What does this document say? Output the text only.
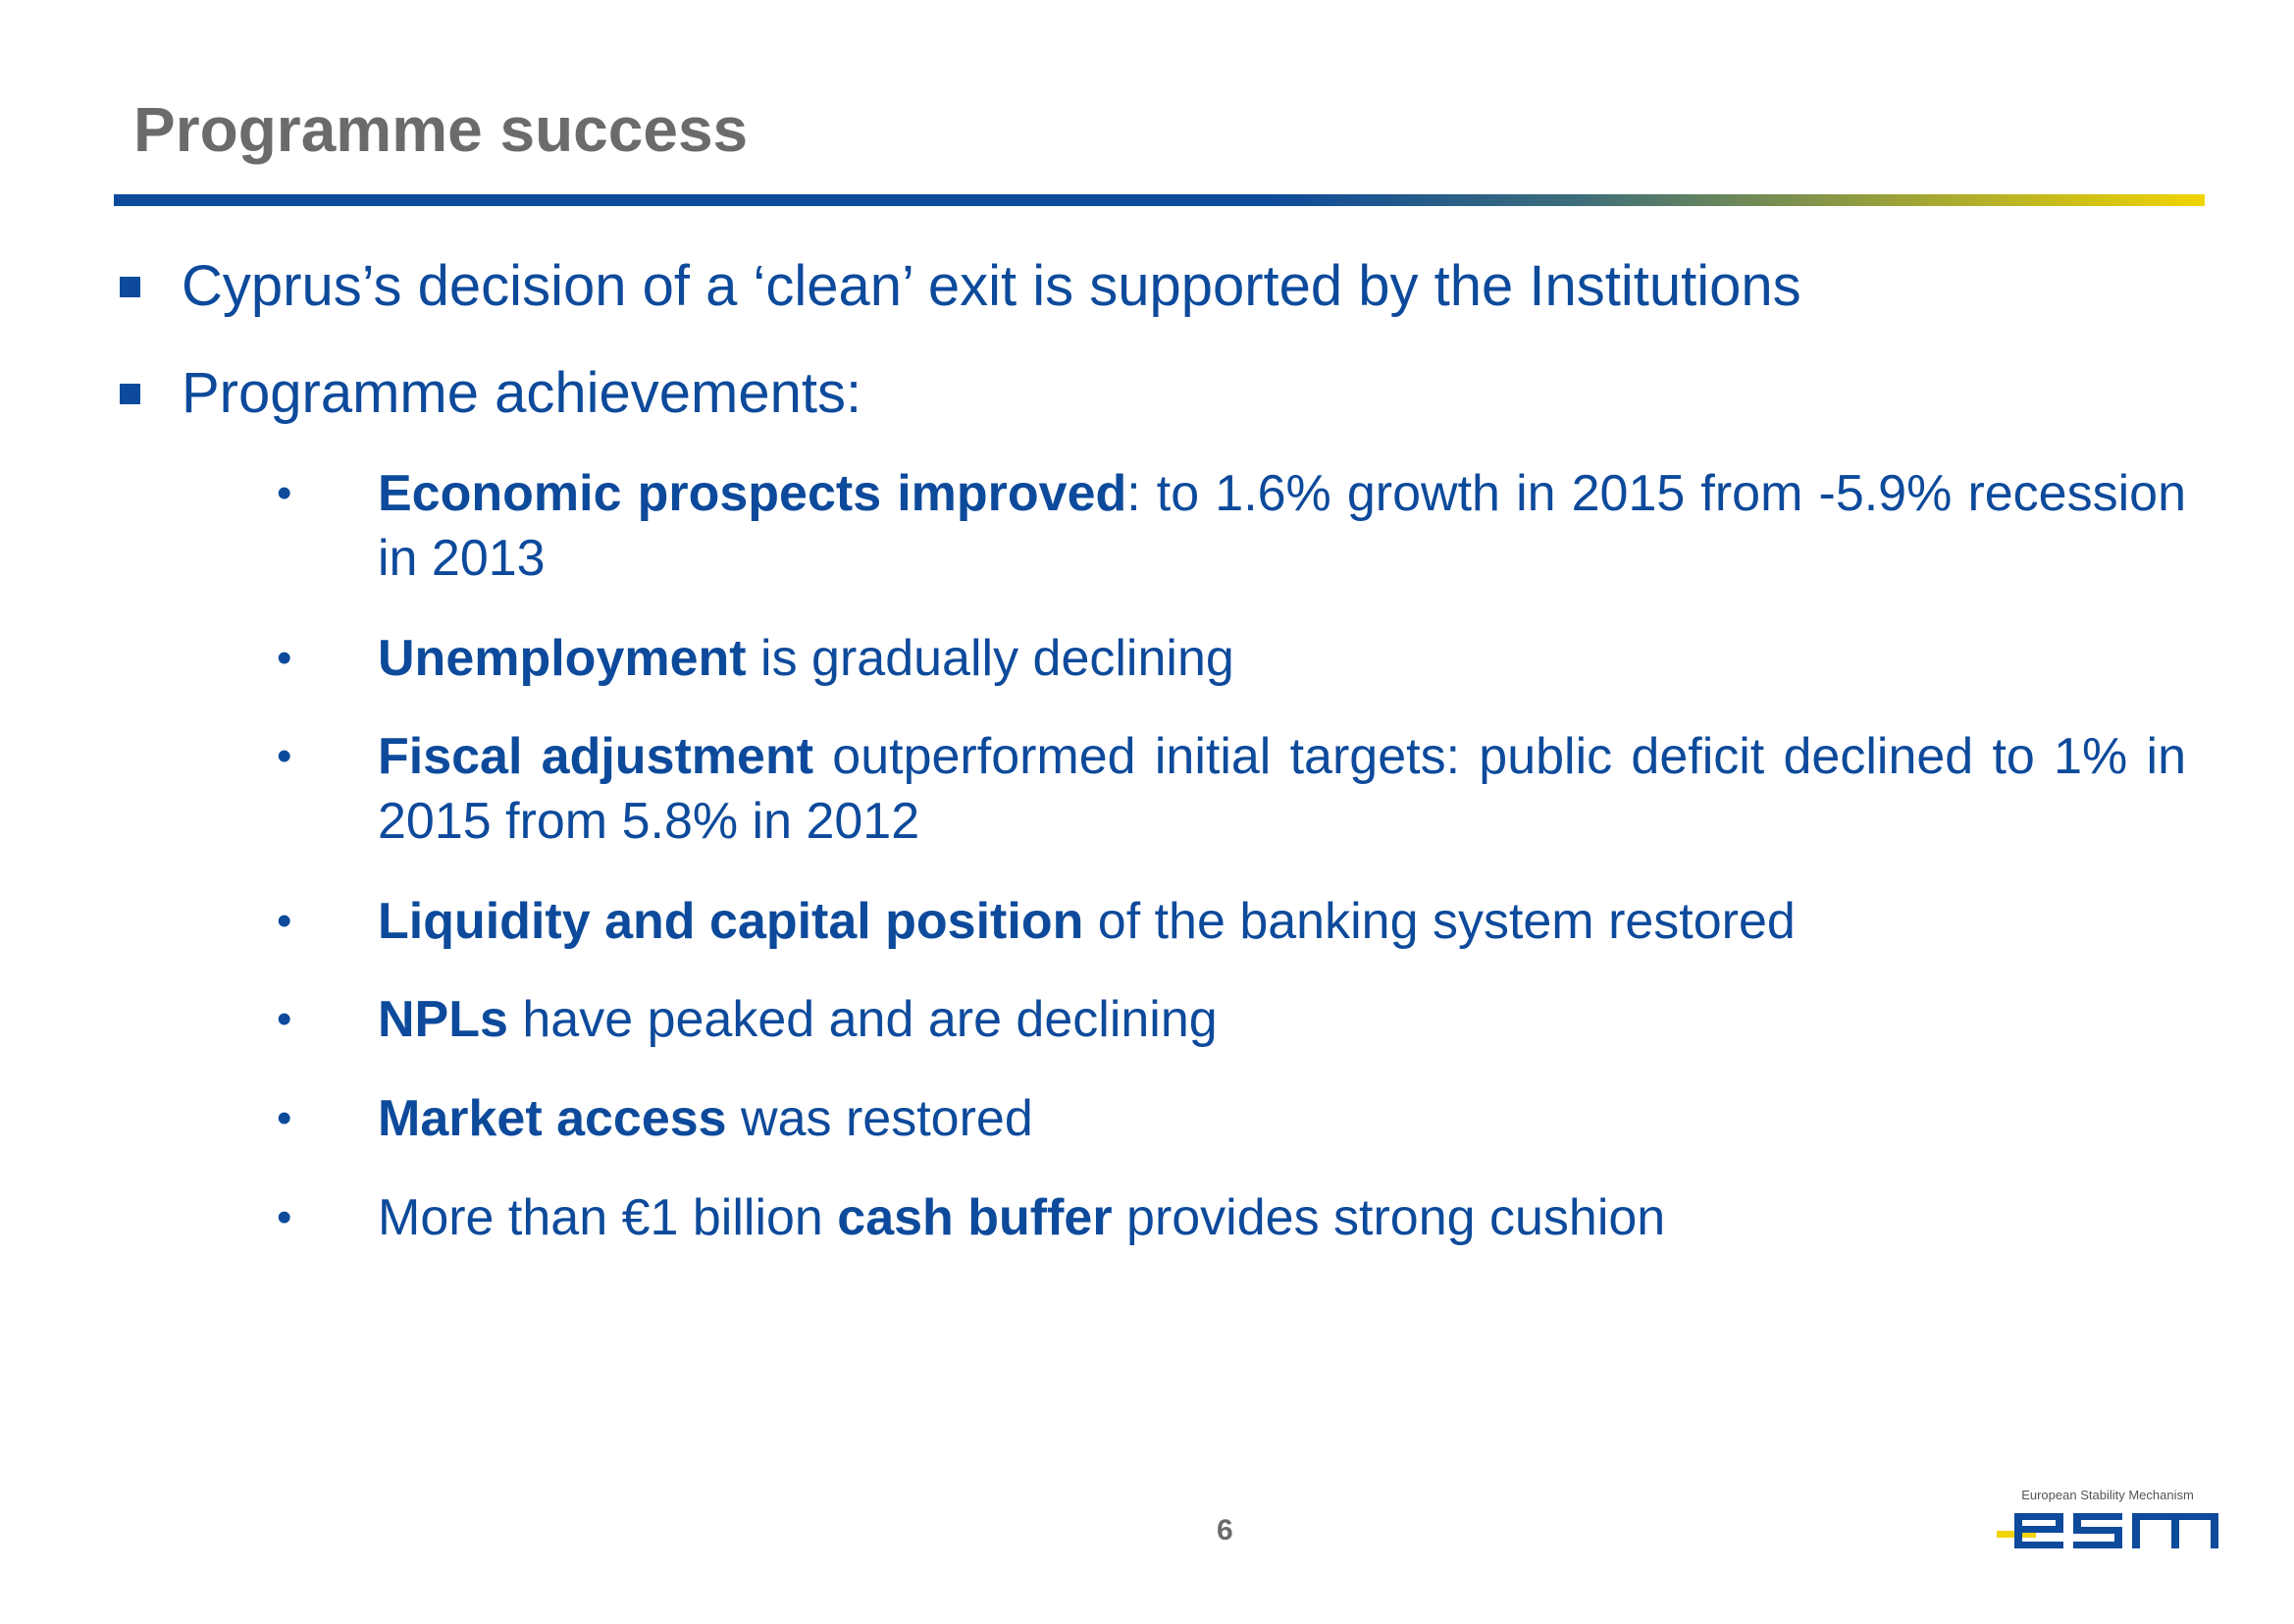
Programme success
Cyprus’s decision of a ‘clean’ exit is supported by the Institutions
Programme achievements:
•	Economic prospects improved: to 1.6% growth in 2015 from -5.9% recession in 2013
•	Unemployment is gradually declining
•	Fiscal adjustment outperformed initial targets: public deficit declined to 1% in 2015 from 5.8% in 2012
•	Liquidity and capital position of the banking system restored
•	NPLs have peaked and are declining
•	Market access was restored
•	More than €1 billion cash buffer provides strong cushion
6
European Stability Mechanism
